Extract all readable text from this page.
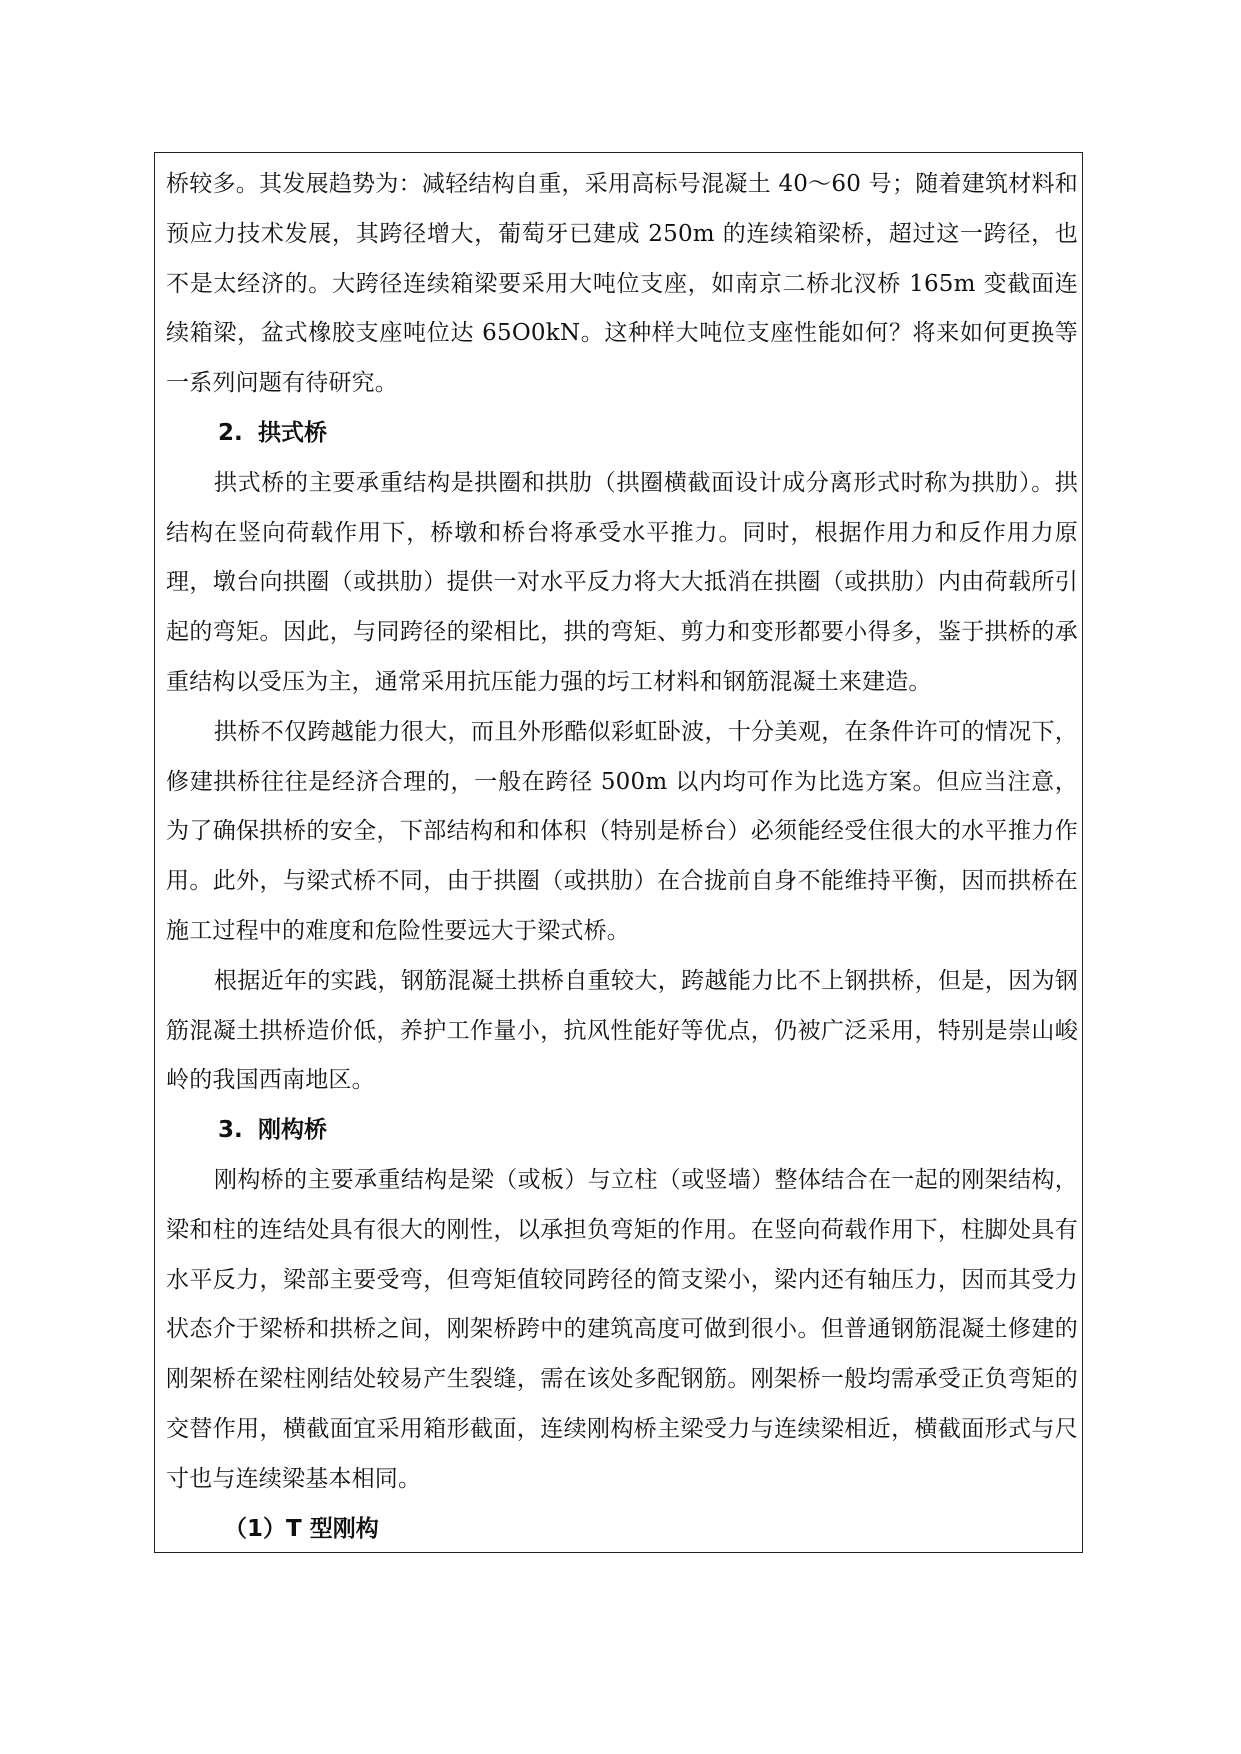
桥较多。其发展趋势为：减轻结构自重，采用高标号混凝土 40～60 号；随着建筑材料和预应力技术发展，其跨径增大，葡萄牙已建成 250m 的连续箱梁桥，超过这一跨径，也不是太经济的。大跨径连续箱梁要采用大吨位支座，如南京二桥北汊桥 165m 变截面连续箱梁，盆式橡胶支座吨位达 65O0kN。这种样大吨位支座性能如何？将来如何更换等一系列问题有待研究。

2. 拱式桥

拱式桥的主要承重结构是拱圈和拱肋（拱圈横截面设计成分离形式时称为拱肋）。拱结构在竖向荷载作用下，桥墩和桥台将承受水平推力。同时，根据作用力和反作用力原理，墩台向拱圈（或拱肋）提供一对水平反力将大大抵消在拱圈（或拱肋）内由荷载所引起的弯矩。因此，与同跨径的梁相比，拱的弯矩、剪力和变形都要小得多，鉴于拱桥的承重结构以受压为主，通常采用抗压能力强的圬工材料和钢筋混凝土来建造。

拱桥不仅跨越能力很大，而且外形酷似彩虹卧波，十分美观，在条件许可的情况下，修建拱桥往往是经济合理的，一般在跨径 500m 以内均可作为比选方案。但应当注意，为了确保拱桥的安全，下部结构和和体积（特别是桥台）必须能经受住很大的水平推力作用。此外，与梁式桥不同，由于拱圈（或拱肋）在合拢前自身不能维持平衡，因而拱桥在施工过程中的难度和危险性要远大于梁式桥。

根据近年的实践，钢筋混凝土拱桥自重较大，跨越能力比不上钢拱桥，但是，因为钢筋混凝土拱桥造价低，养护工作量小，抗风性能好等优点，仍被广泛采用，特别是崇山峻岭的我国西南地区。

3. 刚构桥

刚构桥的主要承重结构是梁（或板）与立柱（或竖墙）整体结合在一起的刚架结构，梁和柱的连结处具有很大的刚性，以承担负弯矩的作用。在竖向荷载作用下，柱脚处具有水平反力，梁部主要受弯，但弯矩值较同跨径的简支梁小，梁内还有轴压力，因而其受力状态介于梁桥和拱桥之间，刚架桥跨中的建筑高度可做到很小。但普通钢筋混凝土修建的刚架桥在梁柱刚结处较易产生裂缝，需在该处多配钢筋。刚架桥一般均需承受正负弯矩的交替作用，横截面宜采用箱形截面，连续刚构桥主梁受力与连续梁相近，横截面形式与尺寸也与连续梁基本相同。

（1）T 型刚构
